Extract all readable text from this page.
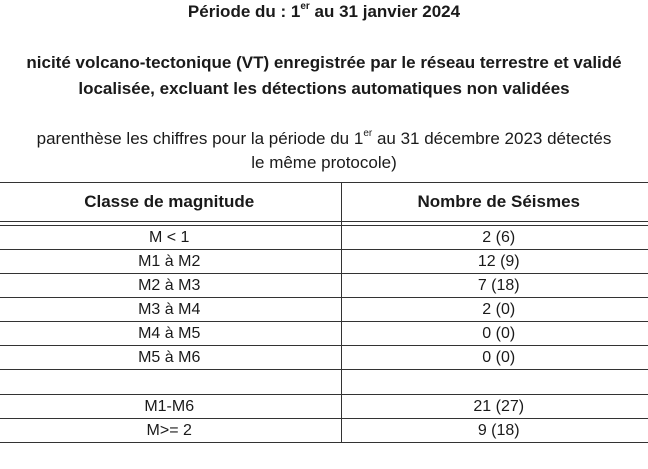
Période du : 1er au 31 janvier 2024
nicité volcano-tectonique (VT) enregistrée par le réseau terrestre et validé
localisée, excluant les détections automatiques non validées
parenthèse les chiffres pour la période du 1er au 31 décembre 2023 détectés
le même protocole)
Classe de magnitude	Nombre de Séismes

M < 1	2 (6)
M1 à M2	12 (9)
M2 à M3	7 (18)
M3 à M4	2 (0)
M4 à M5	0 (0)
M5 à M6	0 (0)

M1-M6	21 (27)
M>= 2	9 (18)
